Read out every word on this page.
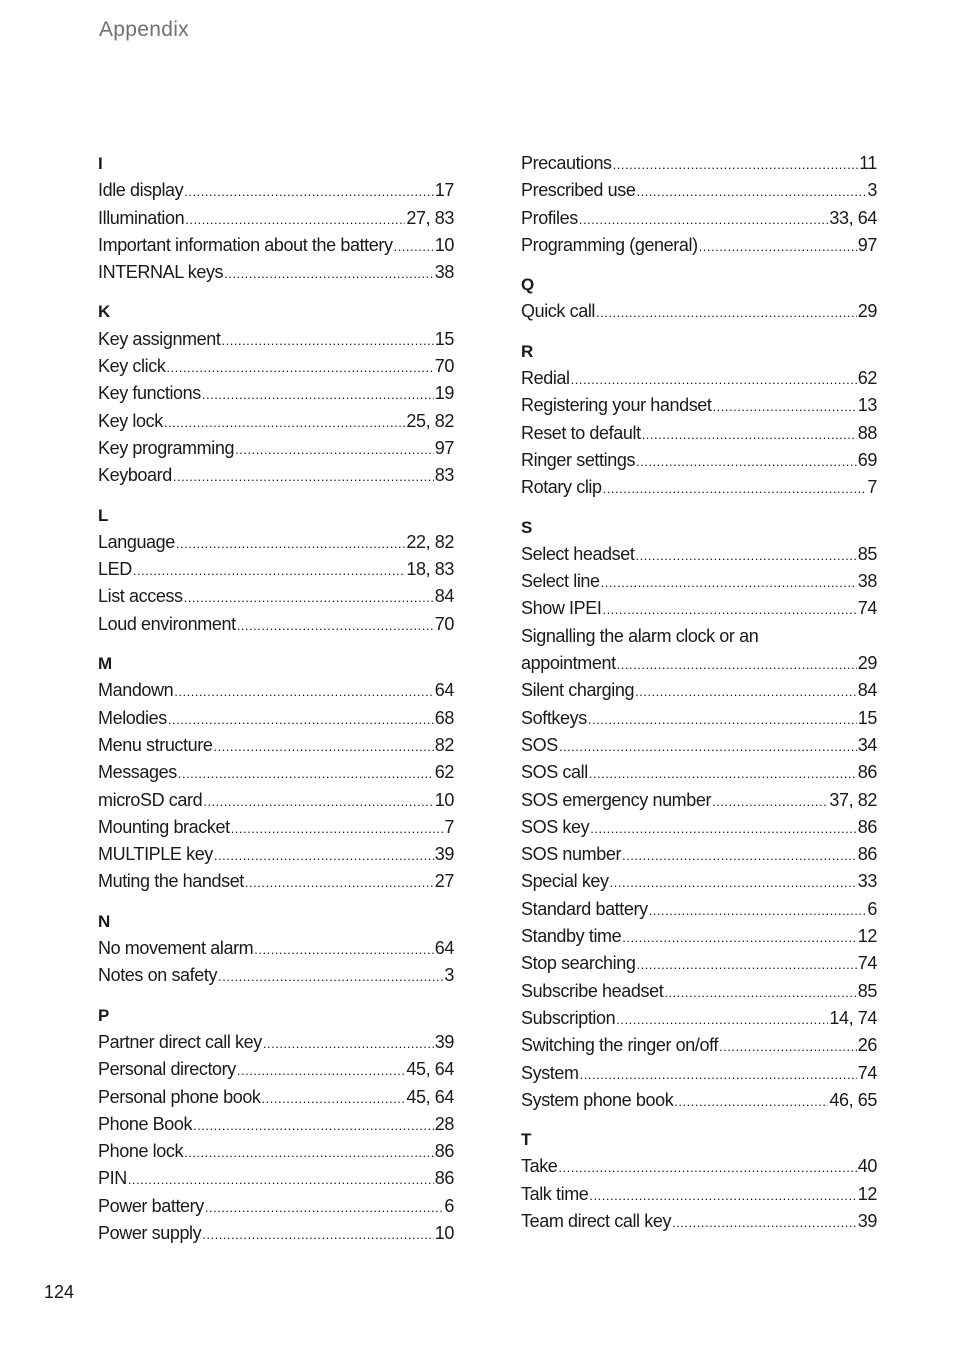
Appendix
I
Idle display .....	17
Illumination .....	27, 83
Important information about the battery ..... 10
INTERNAL keys .....	38
K
Key assignment .....	15
Key click .....	70
Key functions .....	19
Key lock .....	25, 82
Key programming .....	97
Keyboard .....	83
L
Language .....	22, 82
LED .....	18, 83
List access .....	84
Loud environment .....	70
M
Mandown .....	64
Melodies .....	68
Menu structure .....	82
Messages .....	62
microSD card .....	10
Mounting bracket .....	7
MULTIPLE key .....	39
Muting the handset .....	27
N
No movement alarm .....	64
Notes on safety .....	3
P
Partner direct call key .....	39
Personal directory .....	45, 64
Personal phone book .....	45, 64
Phone Book .....	28
Phone lock .....	86
PIN .....	86
Power battery .....	6
Power supply .....	10
Precautions .....	11
Prescribed use .....	3
Profiles .....	33, 64
Programming (general) .....	97
Q
Quick call .....	29
R
Redial .....	62
Registering your handset .....	13
Reset to default .....	88
Ringer settings .....	69
Rotary clip .....	7
S
Select headset .....	85
Select line .....	38
Show IPEI .....	74
Signalling the alarm clock or an
appointment .....	29
Silent charging .....	84
Softkeys .....	15
SOS .....	34
SOS call .....	86
SOS emergency number .....	37, 82
SOS key .....	86
SOS number .....	86
Special key .....	33
Standard battery .....	6
Standby time .....	12
Stop searching .....	74
Subscribe headset .....	85
Subscription .....	14, 74
Switching the ringer on/off .....	26
System .....	74
System phone book .....	46, 65
T
Take .....	40
Talk time .....	12
Team direct call key .....	39
124
